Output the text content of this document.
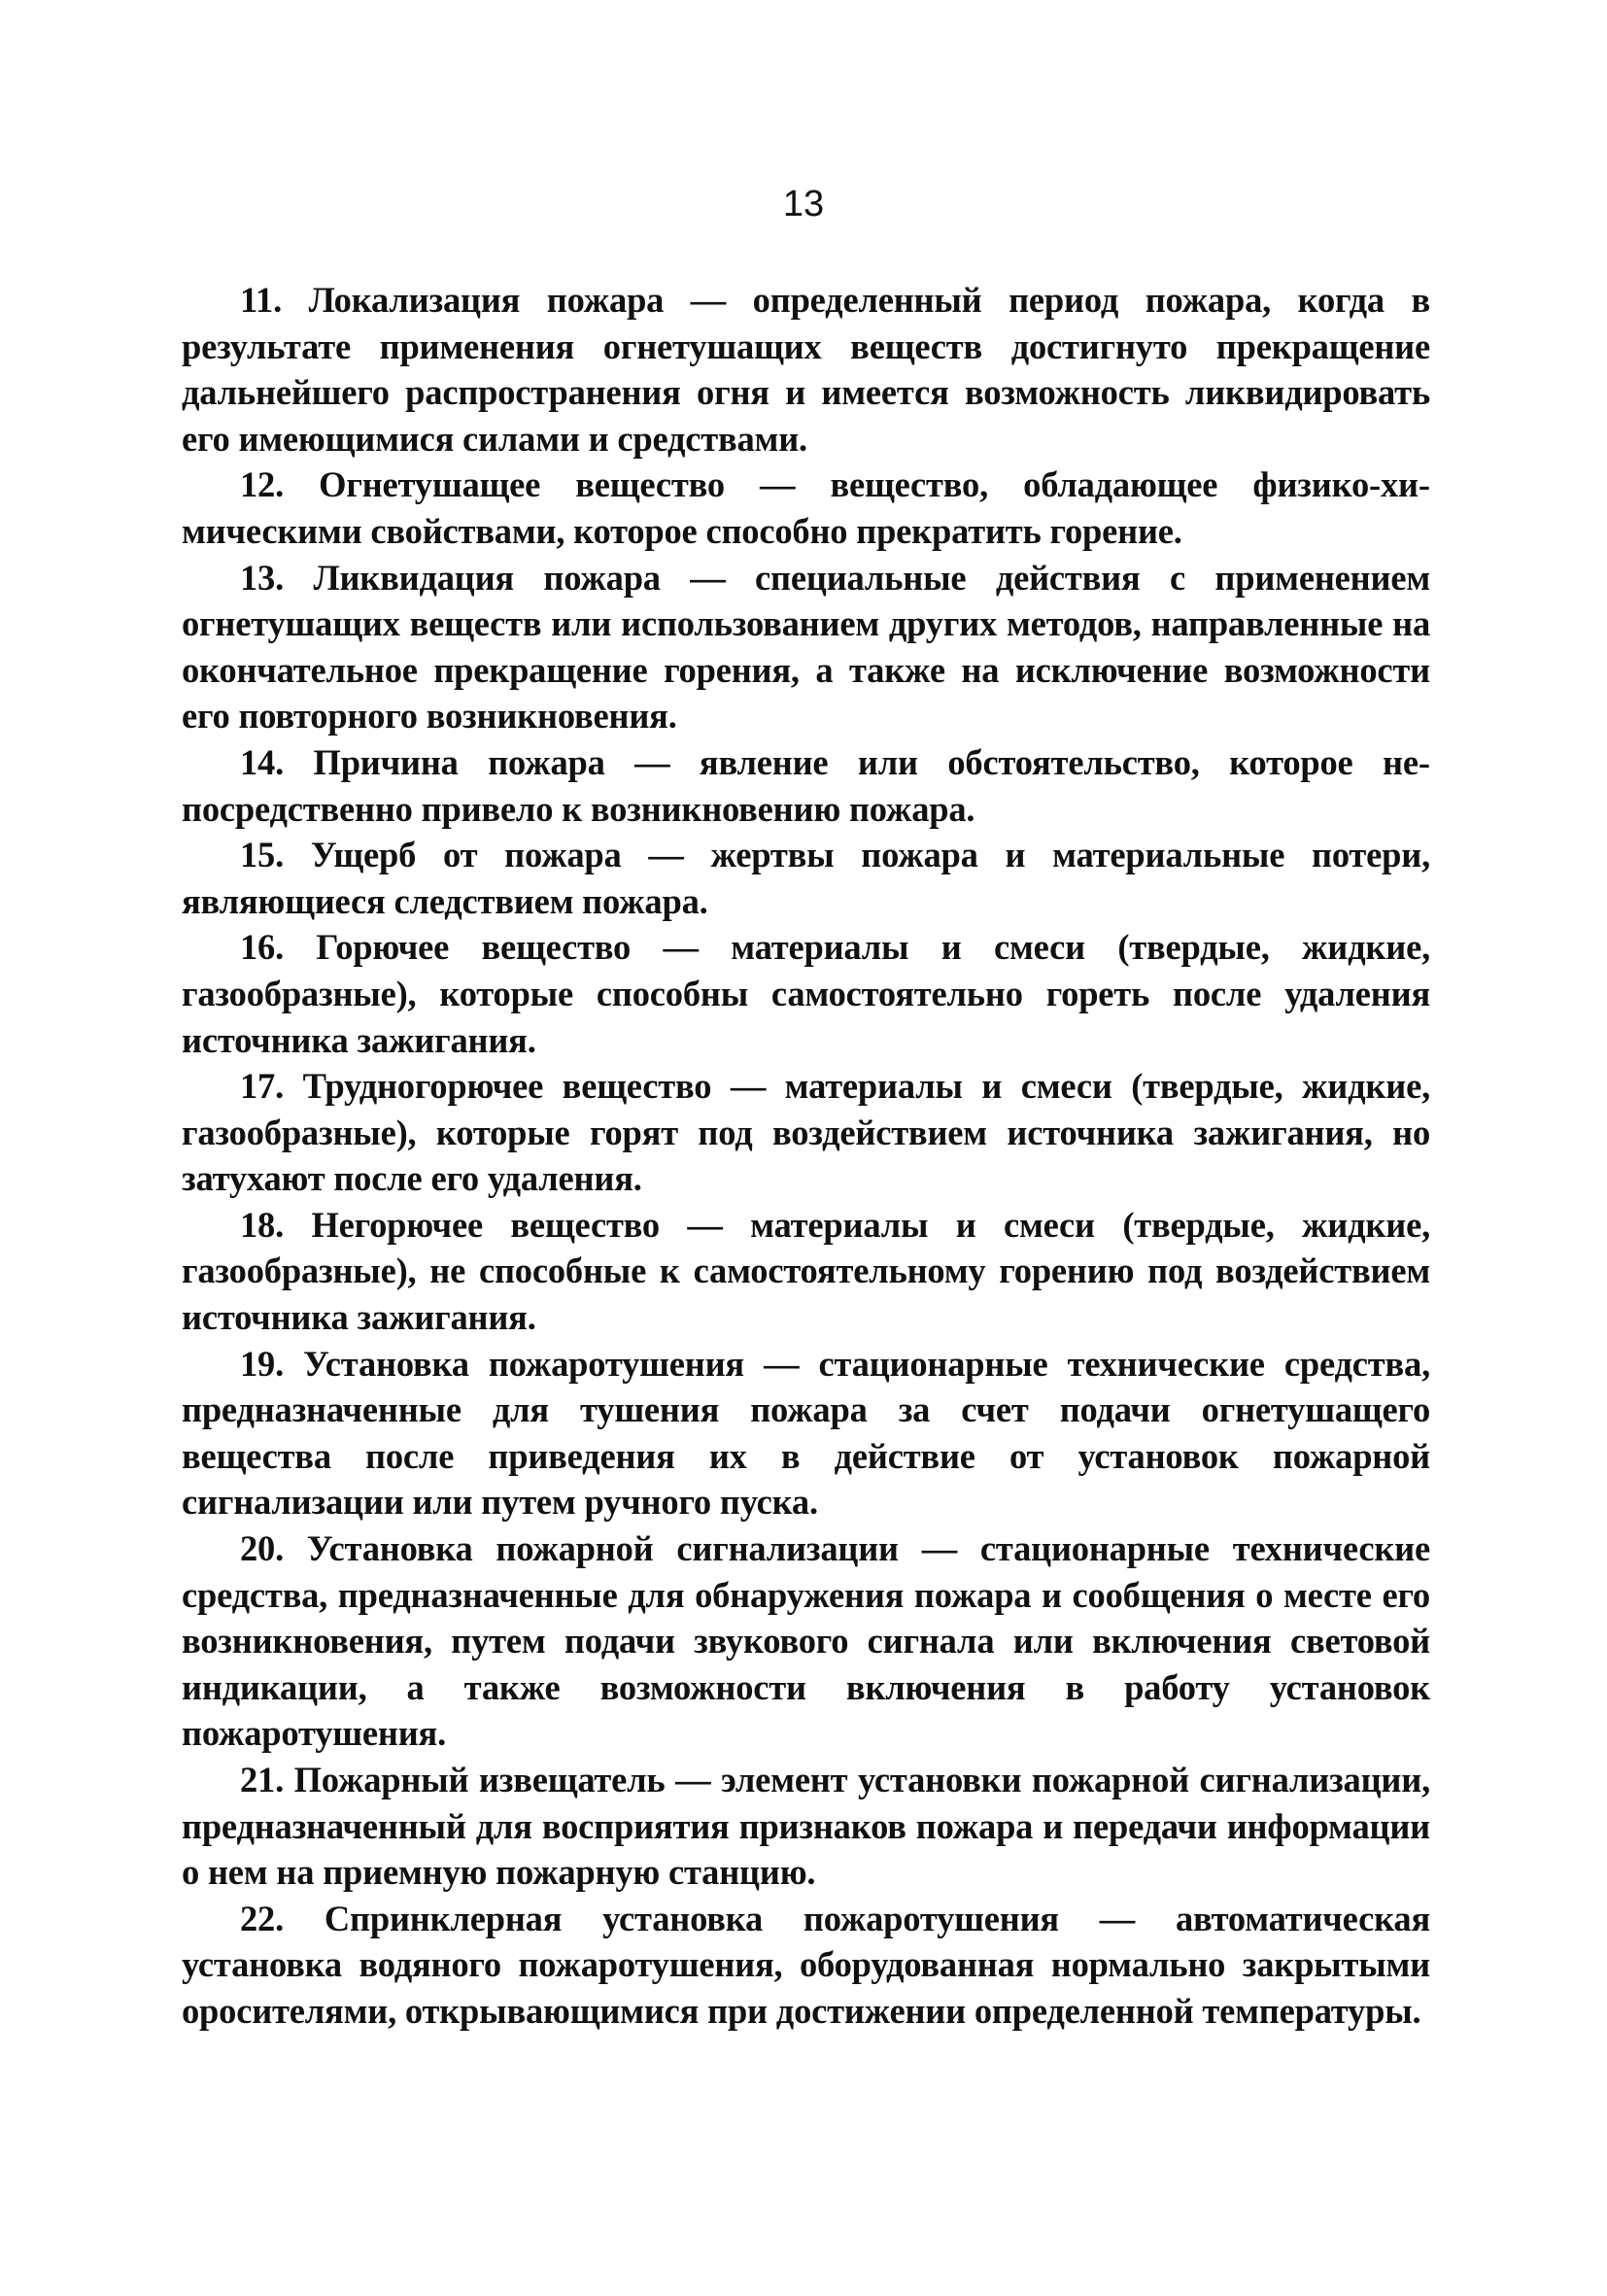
13

11. Локализация пожара — определенный период пожара, когда в результате применения огнетушащих веществ достигнуто прекращение дальнейшего распространения огня и имеется возможность ликвидировать его имеющимися силами и средствами.

12. Огнетушащее вещество — вещество, обладающее физико-химическими свойствами, которое способно прекратить горение.

13. Ликвидация пожара — специальные действия с применением огнетушащих веществ или использованием других методов, направленные на окончательное прекращение горения, а также на исключение возможности его повторного возникновения.

14. Причина пожара — явление или обстоятельство, которое непосредственно привело к возникновению пожара.

15. Ущерб от пожара — жертвы пожара и материальные потери, являющиеся следствием пожара.

16. Горючее вещество — материалы и смеси (твердые, жидкие, газообразные), которые способны самостоятельно гореть после удаления источника зажигания.

17. Трудногорючее вещество — материалы и смеси (твердые, жидкие, газообразные), которые горят под воздействием источника зажигания, но затухают после его удаления.

18. Негорючее вещество — материалы и смеси (твердые, жидкие, газообразные), не способные к самостоятельному горению под воздействием источника зажигания.

19. Установка пожаротушения — стационарные технические средства, предназначенные для тушения пожара за счет подачи огнетушащего вещества после приведения их в действие от установок пожарной сигнализации или путем ручного пуска.

20. Установка пожарной сигнализации — стационарные технические средства, предназначенные для обнаружения пожара и сообщения о месте его возникновения, путем подачи звукового сигнала или включения световой индикации, а также возможности включения в работу установок пожаротушения.

21. Пожарный извещатель — элемент установки пожарной сигнализации, предназначенный для восприятия признаков пожара и передачи информации о нем на приемную пожарную станцию.

22. Спринклерная установка пожаротушения — автоматическая установка водяного пожаротушения, оборудованная нормально закрытыми оросителями, открывающимися при достижении определенной температуры.
